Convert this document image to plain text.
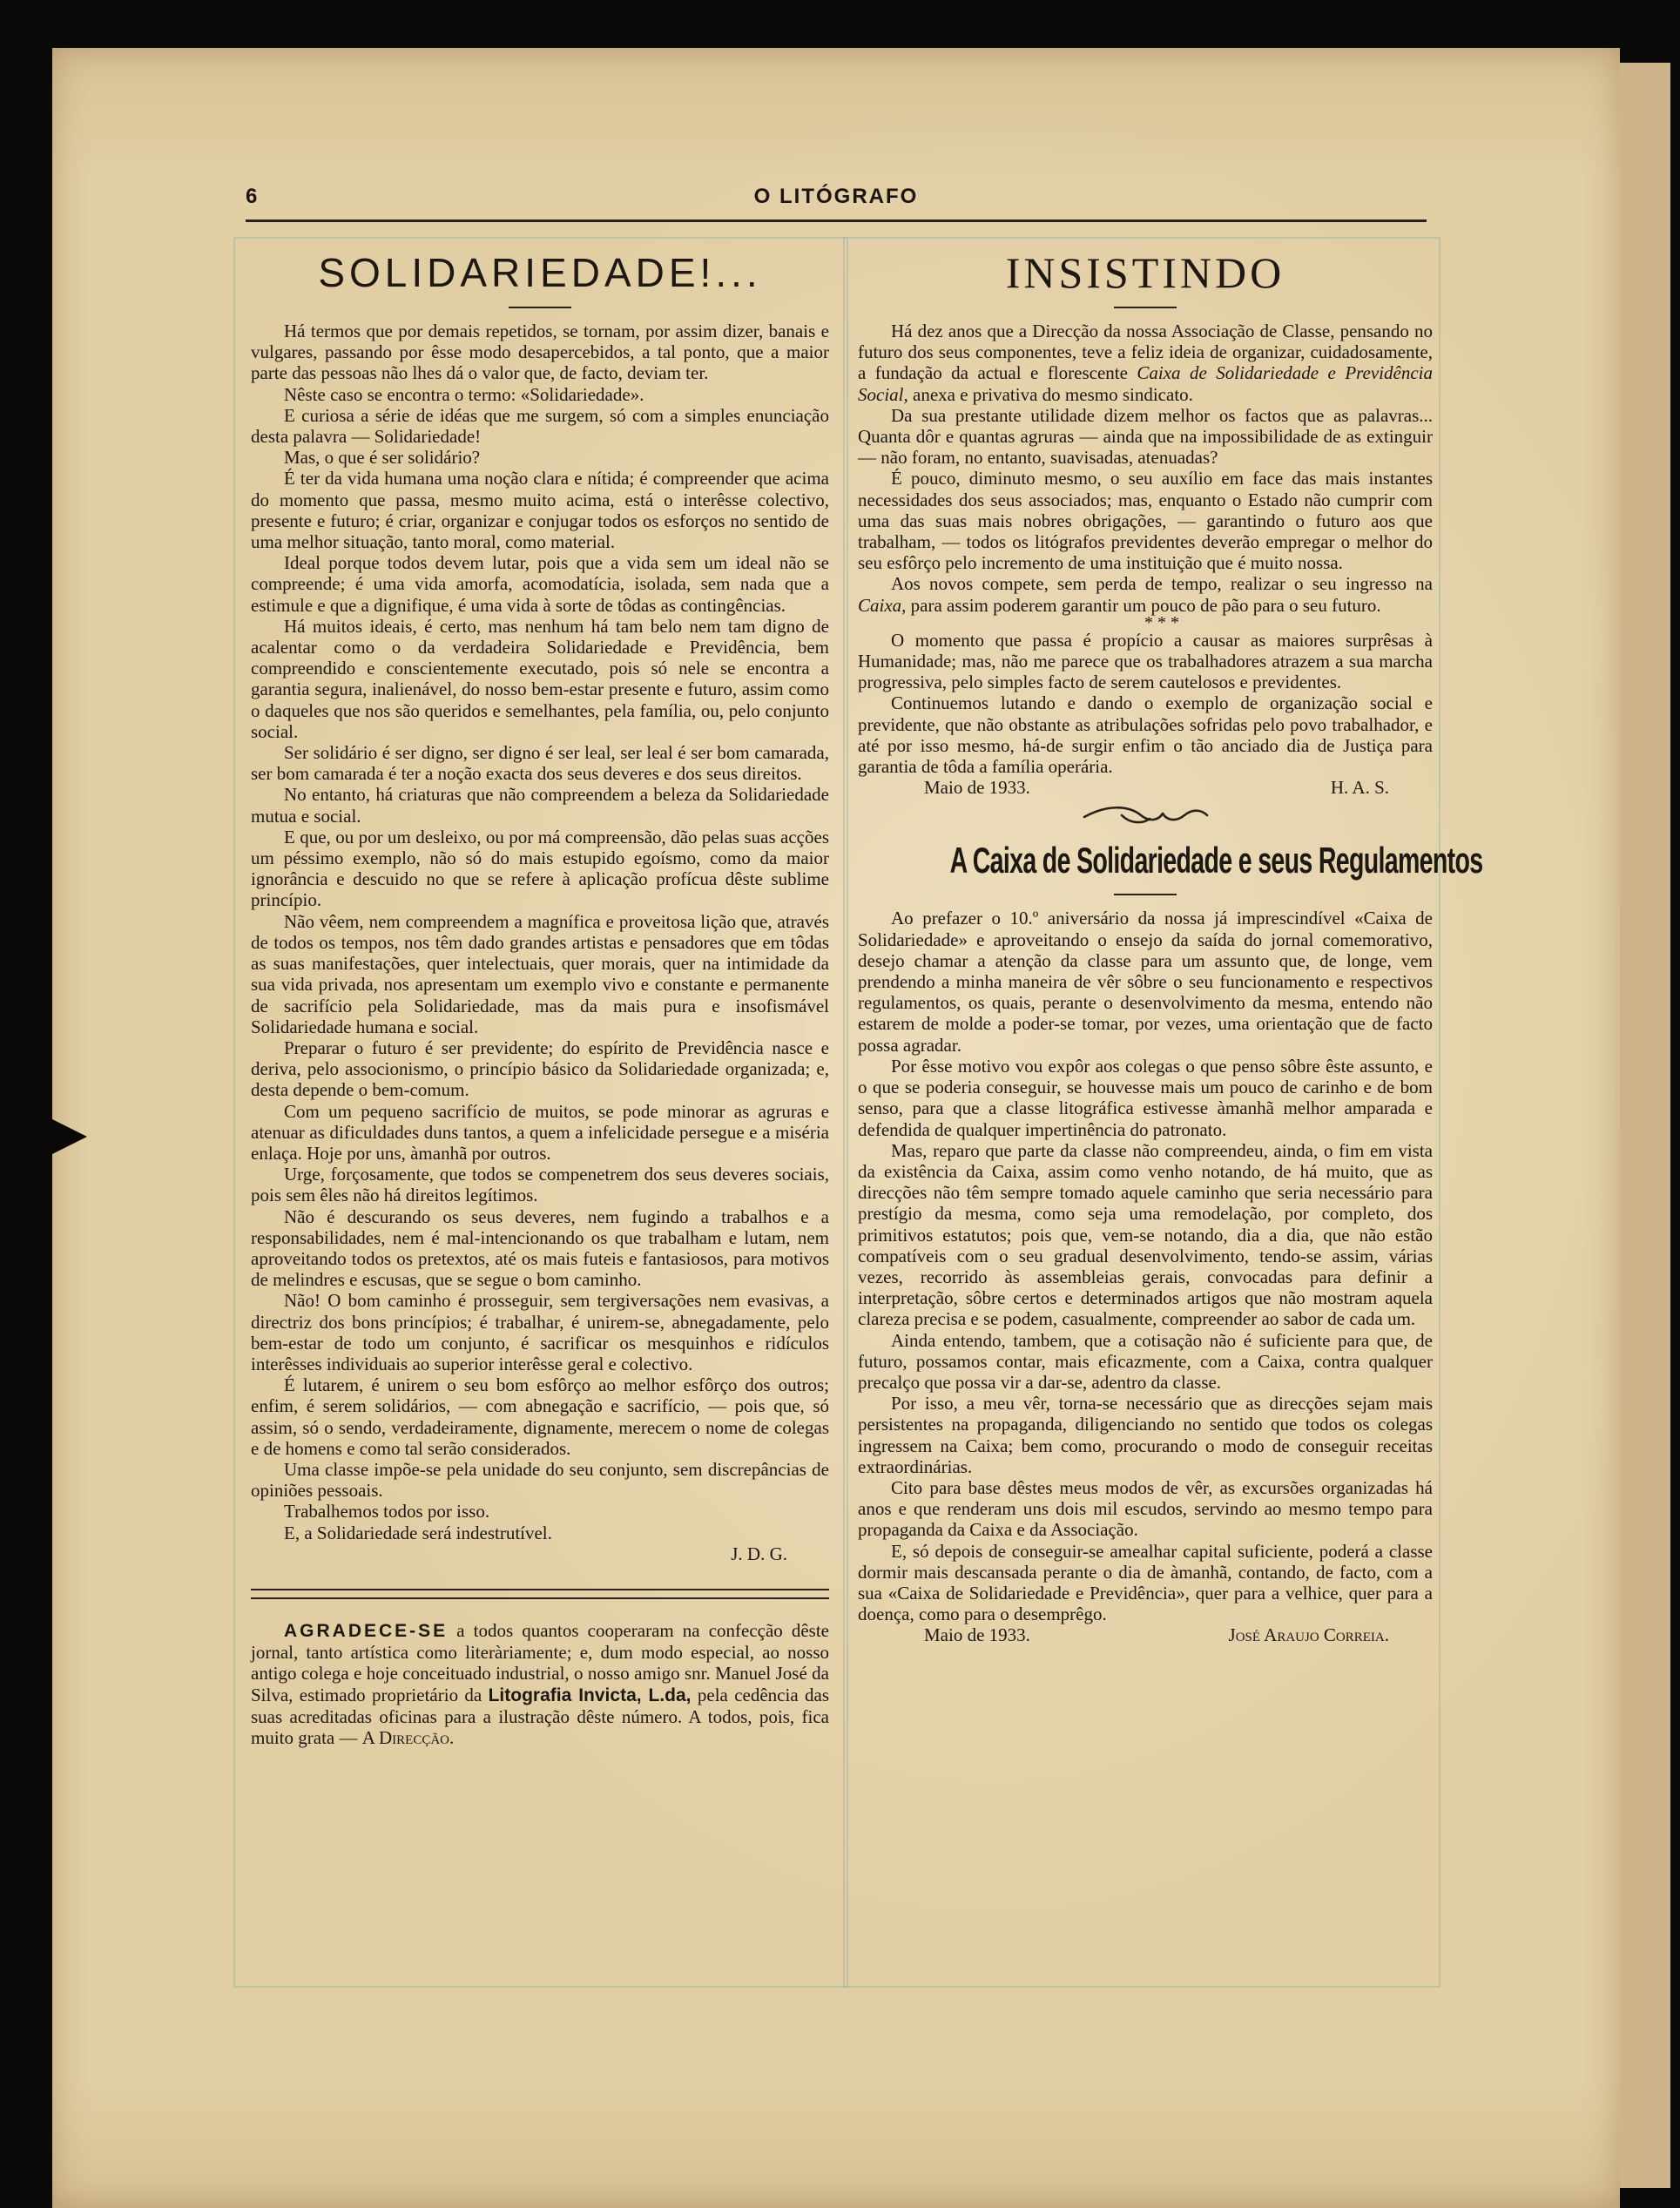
6	O LITÓGRAFO
SOLIDARIEDADE!...

Há termos que por demais repetidos, se tornam, por assim dizer, banais e vulgares, passando por êsse modo desapercebidos, a tal ponto, que a maior parte das pessoas não lhes dá o valor que, de facto, deviam ter.

Nêste caso se encontra o termo: «Solidariedade».

E curiosa a série de idéas que me surgem, só com a simples enunciação desta palavra — Solidariedade!

Mas, o que é ser solidário?

É ter da vida humana uma noção clara e nítida; é compreender que acima do momento que passa, mesmo muito acima, está o interêsse colectivo, presente e futuro; é criar, organizar e conjugar todos os esforços no sentido de uma melhor situação, tanto moral, como material.

Ideal porque todos devem lutar, pois que a vida sem um ideal não se compreende; é uma vida amorfa, acomodatícia, isolada, sem nada que a estimule e que a dignifique, é uma vida à sorte de tôdas as contingências.

Há muitos ideais, é certo, mas nenhum há tam belo nem tam digno de acalentar como o da verdadeira Solidariedade e Previdência, bem compreendido e conscientemente executado, pois só nele se encontra a garantia segura, inalienável, do nosso bem-estar presente e futuro, assim como o daqueles que nos são queridos e semelhantes, pela família, ou, pelo conjunto social.

Ser solidário é ser digno, ser digno é ser leal, ser leal é ser bom camarada, ser bom camarada é ter a noção exacta dos seus deveres e dos seus direitos.

No entanto, há criaturas que não compreendem a beleza da Solidariedade mutua e social.

E que, ou por um desleixo, ou por má compreensão, dão pelas suas acções um péssimo exemplo, não só do mais estupido egoísmo, como da maior ignorância e descuido no que se refere à aplicação profícua dêste sublime princípio.

Não vêem, nem compreendem a magnífica e proveitosa lição que, através de todos os tempos, nos têm dado grandes artistas e pensadores que em tôdas as suas manifestações, quer intelectuais, quer morais, quer na intimidade da sua vida privada, nos apresentam um exemplo vivo e constante e permanente de sacrifício pela Solidariedade, mas da mais pura e insofismável Solidariedade humana e social.

Preparar o futuro é ser previdente; do espírito de Previdência nasce e deriva, pelo associonismo, o princípio básico da Solidariedade organizada; e, desta depende o bem-comum.

Com um pequeno sacrifício de muitos, se pode minorar as agruras e atenuar as dificuldades duns tantos, a quem a infelicidade persegue e a miséria enlaça. Hoje por uns, àmanhã por outros.

Urge, forçosamente, que todos se compenetrem dos seus deveres sociais, pois sem êles não há direitos legítimos.

Não é descurando os seus deveres, nem fugindo a trabalhos e a responsabilidades, nem é mal-intencionando os que trabalham e lutam, nem aproveitando todos os pretextos, até os mais futeis e fantasiosos, para motivos de melindres e escusas, que se segue o bom caminho.

Não! O bom caminho é prosseguir, sem tergiversações nem evasivas, a directriz dos bons princípios; é trabalhar, é unirem-se, abnegadamente, pelo bem-estar de todo um conjunto, é sacrificar os mesquinhos e ridículos interêsses individuais ao superior interêsse geral e colectivo.

É lutarem, é unirem o seu bom esfôrço ao melhor esfôrço dos outros; enfim, é serem solidários, — com abnegação e sacrifício, — pois que, só assim, só o sendo, verdadeiramente, dignamente, merecem o nome de colegas e de homens e como tal serão considerados.

Uma classe impõe-se pela unidade do seu conjunto, sem discrepâncias de opiniões pessoais.

Trabalhemos todos por isso.

E, a Solidariedade será indestrutível.

J. D. G.

AGRADECE-SE a todos quantos cooperaram na confecção dêste jornal, tanto artística como literàriamente; e, dum modo especial, ao nosso antigo colega e hoje conceituado industrial, o nosso amigo snr. Manuel José da Silva, estimado proprietário da Litografia Invicta, L.da, pela cedência das suas acreditadas oficinas para a ilustração dêste número. A todos, pois, fica muito grata — A Direcção.

INSISTINDO

Há dez anos que a Direcção da nossa Associação de Classe, pensando no futuro dos seus componentes, teve a feliz ideia de organizar, cuidadosamente, a fundação da actual e florescente Caixa de Solidariedade e Previdência Social, anexa e privativa do mesmo sindicato.

Da sua prestante utilidade dizem melhor os factos que as palavras... Quanta dôr e quantas agruras — ainda que na impossibilidade de as extinguir — não foram, no entanto, suavisadas, atenuadas?

É pouco, diminuto mesmo, o seu auxílio em face das mais instantes necessidades dos seus associados; mas, enquanto o Estado não cumprir com uma das suas mais nobres obrigações, — garantindo o futuro aos que trabalham, — todos os litógrafos previdentes deverão empregar o melhor do seu esfôrço pelo incremento de uma instituição que é muito nossa.

Aos novos compete, sem perda de tempo, realizar o seu ingresso na Caixa, para assim poderem garantir um pouco de pão para o seu futuro.

* * *

O momento que passa é propício a causar as maiores surprêsas à Humanidade; mas, não me parece que os trabalhadores atrazem a sua marcha progressiva, pelo simples facto de serem cautelosos e previdentes.

Continuemos lutando e dando o exemplo de organização social e previdente, que não obstante as atribulações sofridas pelo povo trabalhador, e até por isso mesmo, há-de surgir enfim o tão anciado dia de Justiça para garantia de tôda a família operária.

Maio de 1933.	H. A. S.

A Caixa de Solidariedade e seus Regulamentos

Ao prefazer o 10.º aniversário da nossa já imprescindível «Caixa de Solidariedade» e aproveitando o ensejo da saída do jornal comemorativo, desejo chamar a atenção da classe para um assunto que, de longe, vem prendendo a minha maneira de vêr sôbre o seu funcionamento e respectivos regulamentos, os quais, perante o desenvolvimento da mesma, entendo não estarem de molde a poder-se tomar, por vezes, uma orientação que de facto possa agradar.

Por êsse motivo vou expôr aos colegas o que penso sôbre êste assunto, e o que se poderia conseguir, se houvesse mais um pouco de carinho e de bom senso, para que a classe litográfica estivesse àmanhã melhor amparada e defendida de qualquer impertinência do patronato.

Mas, reparo que parte da classe não compreendeu, ainda, o fim em vista da existência da Caixa, assim como venho notando, de há muito, que as direcções não têm sempre tomado aquele caminho que seria necessário para prestígio da mesma, como seja uma remodelação, por completo, dos primitivos estatutos; pois que, vem-se notando, dia a dia, que não estão compatíveis com o seu gradual desenvolvimento, tendo-se assim, várias vezes, recorrido às assembleias gerais, convocadas para definir a interpretação, sôbre certos e determinados artigos que não mostram aquela clareza precisa e se podem, casualmente, compreender ao sabor de cada um.

Ainda entendo, tambem, que a cotisação não é suficiente para que, de futuro, possamos contar, mais eficazmente, com a Caixa, contra qualquer precalço que possa vir a dar-se, adentro da classe.

Por isso, a meu vêr, torna-se necessário que as direcções sejam mais persistentes na propaganda, diligenciando no sentido que todos os colegas ingressem na Caixa; bem como, procurando o modo de conseguir receitas extraordinárias.

Cito para base dêstes meus modos de vêr, as excursões organizadas há anos e que renderam uns dois mil escudos, servindo ao mesmo tempo para propaganda da Caixa e da Associação.

E, só depois de conseguir-se amealhar capital suficiente, poderá a classe dormir mais descansada perante o dia de àmanhã, contando, de facto, com a sua «Caixa de Solidariedade e Previdência», quer para a velhice, quer para a doença, como para o desemprêgo.

Maio de 1933.	José Araujo Correia.
